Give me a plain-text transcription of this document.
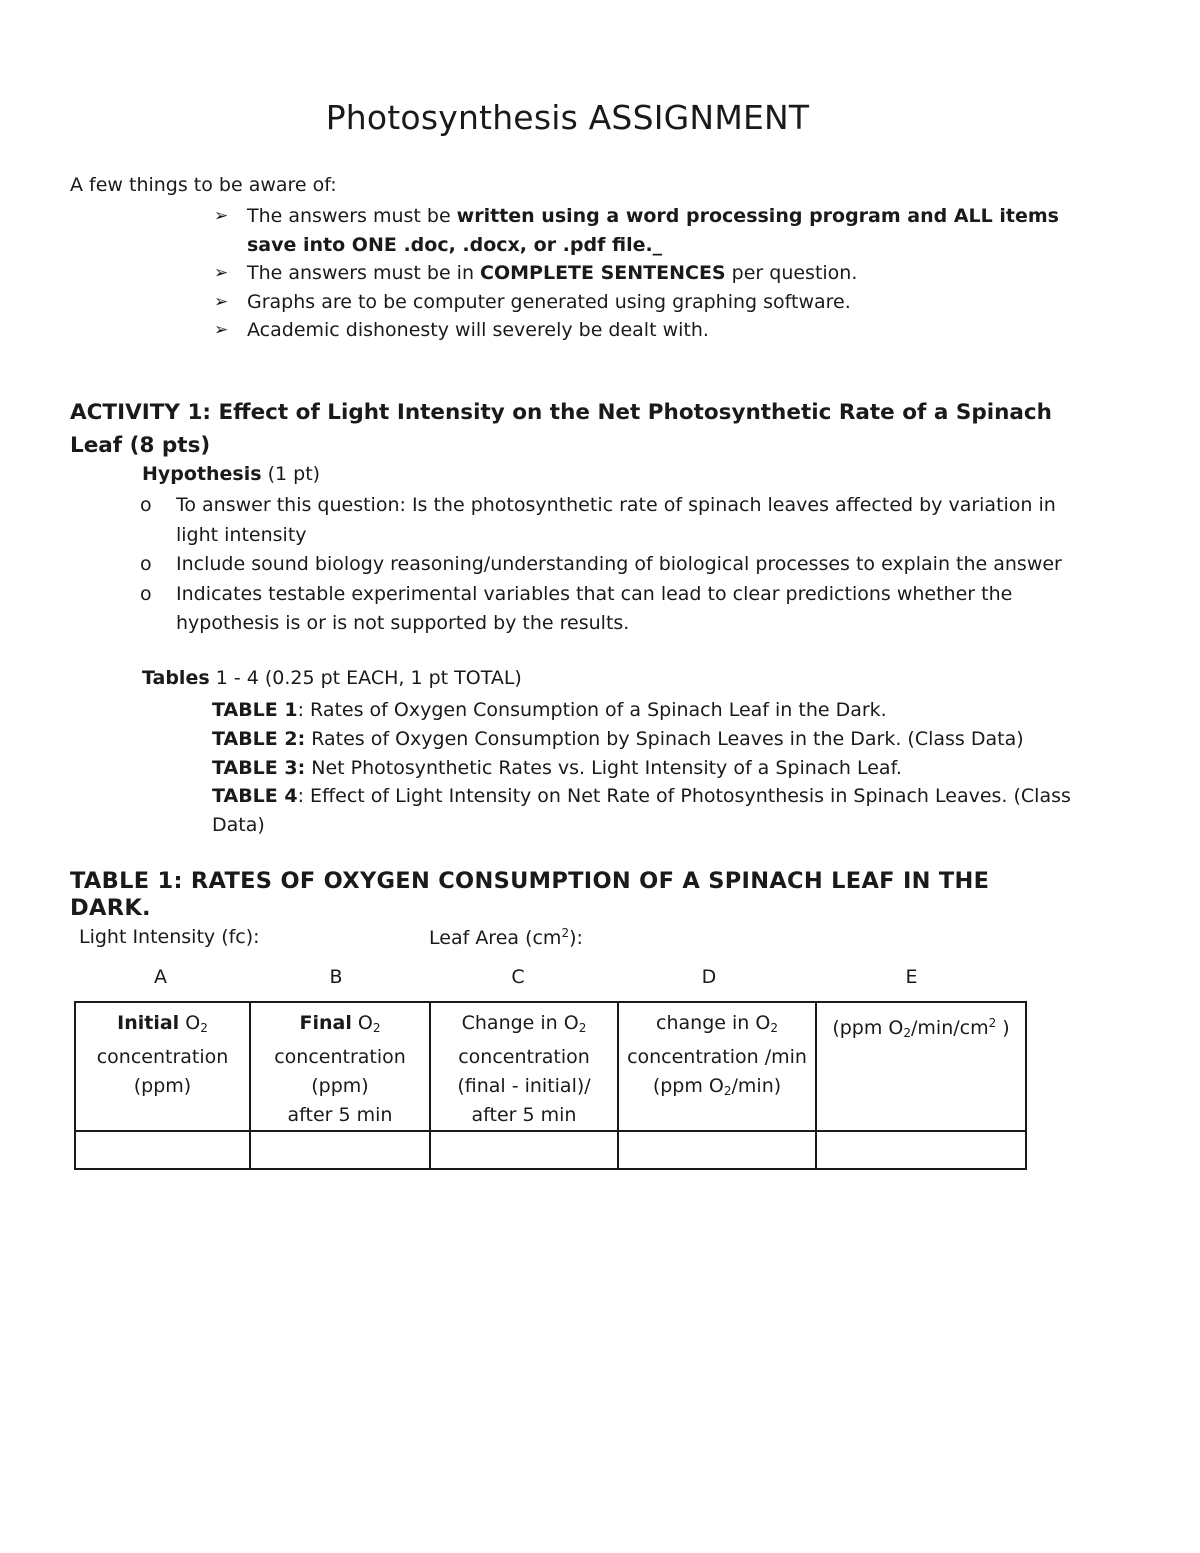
Photosynthesis ASSIGNMENT
A few things to be aware of:
➢ The answers must be written using a word processing program and ALL items save into ONE .doc, .docx, or .pdf file._
➢ The answers must be in COMPLETE SENTENCES per question.
➢ Graphs are to be computer generated using graphing software.
➢ Academic dishonesty will severely be dealt with.
ACTIVITY 1: Effect of Light Intensity on the Net Photosynthetic Rate of a Spinach Leaf (8 pts)
Hypothesis (1 pt)
o To answer this question: Is the photosynthetic rate of spinach leaves affected by variation in light intensity
o Include sound biology reasoning/understanding of biological processes to explain the answer
o Indicates testable experimental variables that can lead to clear predictions whether the hypothesis is or is not supported by the results.
Tables 1 - 4 (0.25 pt EACH, 1 pt TOTAL)
TABLE 1: Rates of Oxygen Consumption of a Spinach Leaf in the Dark.
TABLE 2: Rates of Oxygen Consumption by Spinach Leaves in the Dark. (Class Data)
TABLE 3: Net Photosynthetic Rates vs. Light Intensity of a Spinach Leaf.
TABLE 4: Effect of Light Intensity on Net Rate of Photosynthesis in Spinach Leaves. (Class Data)
TABLE 1: RATES OF OXYGEN CONSUMPTION OF A SPINACH LEAF IN THE DARK.
Light Intensity (fc):	Leaf Area $(cm^2)$:
A	B	C	D	E
Initial $O_2$
concentration
(ppm)	Final $O_2$
concentration
(ppm)
after 5 min	Change in $O_2$
concentration
(final - initial)/
after 5 min	change in $O_2$
concentration /min
(ppm $O_2/\min$)	(ppm $O_2/\min/cm^2$ )
